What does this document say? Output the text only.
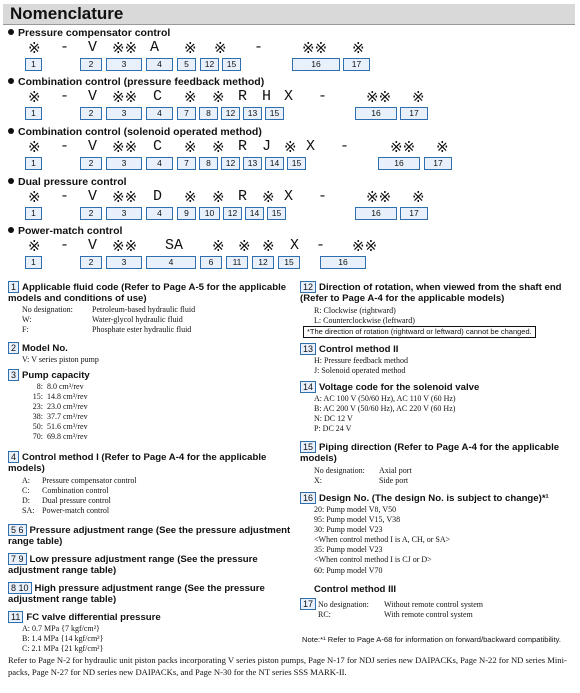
Nomenclature
Pressure compensator control
※ - V ※※ A ※ ※ -	※※ ※
1	2	3	4	5	12	15	16	17
Combination control (pressure feedback method)
※ - V ※※ C ※ ※ R H X -	※※ ※
1	2	3	4	7	8	12	13	15	16	17
Combination control (solenoid operated method)
※ - V ※※ C ※ ※ R J ※ X -	※※ ※
1	2	3	4	7	8	12	13	14	15	16	17
Dual pressure control
※ - V ※※ D ※ ※ R ※ X -	※※ ※
1	2	3	4	9	10	12	14	15	16	17
Power-match control
※ - V ※※ SA ※ ※ ※ X - ※※
1	2	3	4	6	11	12	15	16
1 Applicable fluid code (Refer to Page A-5 for the applicable models and conditions of use)
No designation: Petroleum-based hydraulic fluid
W:	Water-glycol hydraulic fluid
F:	Phosphate ester hydraulic fluid
2 Model No.
V: V series piston pump
3 Pump capacity
8: 8.0 cm³/rev
15: 14.8 cm³/rev
23: 23.0 cm³/rev
38: 37.7 cm³/rev
50: 51.6 cm³/rev
70: 69.8 cm³/rev
4 Control method I (Refer to Page A-4 for the applicable models)
A: Pressure compensator control
C: Combination control
D: Dual pressure control
SA: Power-match control
5 6 Pressure adjustment range (See the pressure adjustment range table)
7 9 Low pressure adjustment range (See the pressure adjustment range table)
8 10 High pressure adjustment range (See the pressure adjustment range table)
11 FC valve differential pressure
A: 0.7 MPa {7 kgf/cm²}
B: 1.4 MPa {14 kgf/cm²}
C: 2.1 MPa {21 kgf/cm²}
12 Direction of rotation, when viewed from the shaft end (Refer to Page A-4 for the applicable models)
R: Clockwise (rightward)
L: Counterclockwise (leftward)
*The direction of rotation (rightward or leftward) cannot be changed.
13 Control method II
H: Pressure feedback method
J: Solenoid operated method
14 Voltage code for the solenoid valve
A: AC 100 V (50/60 Hz), AC 110 V (60 Hz)
B: AC 200 V (50/60 Hz), AC 220 V (60 Hz)
N: DC 12 V
P: DC 24 V
15 Piping direction (Refer to Page A-4 for the applicable models)
No designation: Axial port
X:	Side port
16 Design No. (The design No. is subject to change)*¹
20: Pump model V8, V50
95: Pump model V15, V38
30: Pump model V23
<When control method I is A, CH, or SA>
35: Pump model V23
<When control method I is CJ or D>
60: Pump model V70
Control method III
17 No designation: Without remote control system
RC:	With remote control system
Note:*¹ Refer to Page A-68 for information on forward/backward compatibility.
Refer to Page N-2 for hydraulic unit piston packs incorporating V series piston pumps, Page N-17 for NDJ series new DAIPACKs, Page N-22 for ND series Mini-packs, Page N-27 for ND series new DAIPACKs, and Page N-30 for the NT series SSS MARK-II.
